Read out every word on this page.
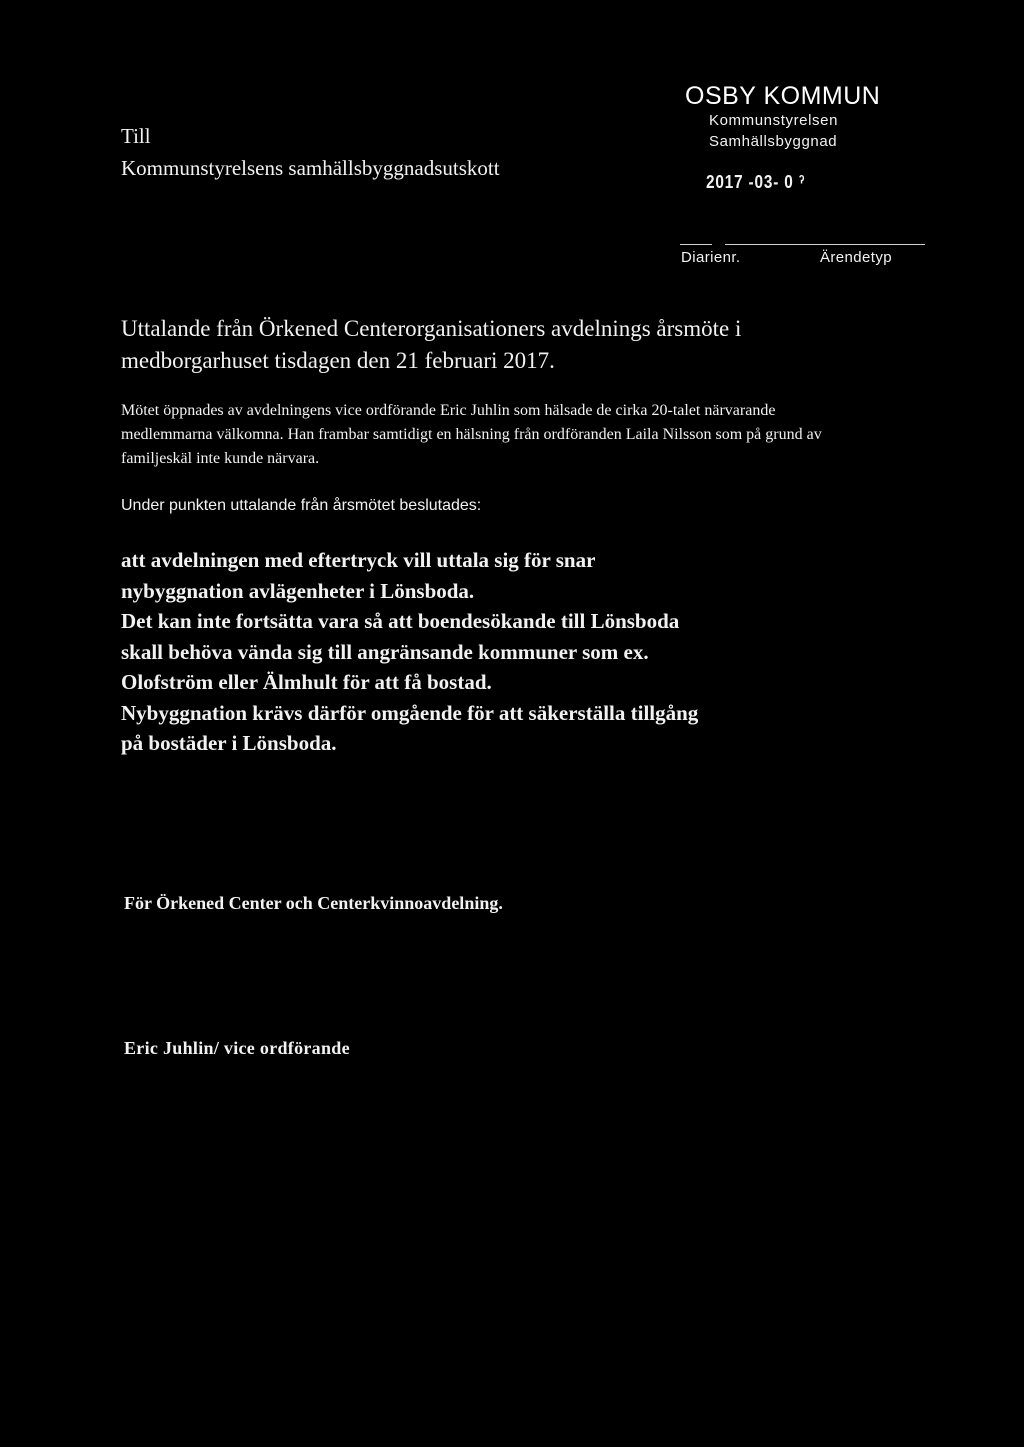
Till
Kommunstyrelsens samhällsbyggnadsutskott
OSBY KOMMUN
Kommunstyrelsen
Samhällsbyggnad
2017 -03- 0 ˀ
Diarienr.	Ärendetyp
Uttalande från Örkened Centerorganisationers avdelnings årsmöte i medborgarhuset tisdagen den 21 februari 2017.
Mötet öppnades av avdelningens vice ordförande Eric Juhlin som hälsade de cirka 20-talet närvarande medlemmarna välkomna. Han frambar samtidigt en hälsning från ordföranden Laila Nilsson som på grund av familjeskäl inte kunde närvara.
Under punkten uttalande från årsmötet beslutades:
att avdelningen med eftertryck vill uttala sig för snar
nybyggnation avlägenheter i Lönsboda.
Det kan inte fortsätta vara så att boendesökande till Lönsboda
skall behöva vända sig till angränsande kommuner som ex.
Olofström eller Älmhult för att få bostad.
Nybyggnation krävs därför omgående för att säkerställa tillgång
på bostäder i Lönsboda.
För Örkened Center och Centerkvinnoavdelning.
Eric Juhlin/ vice ordförande
